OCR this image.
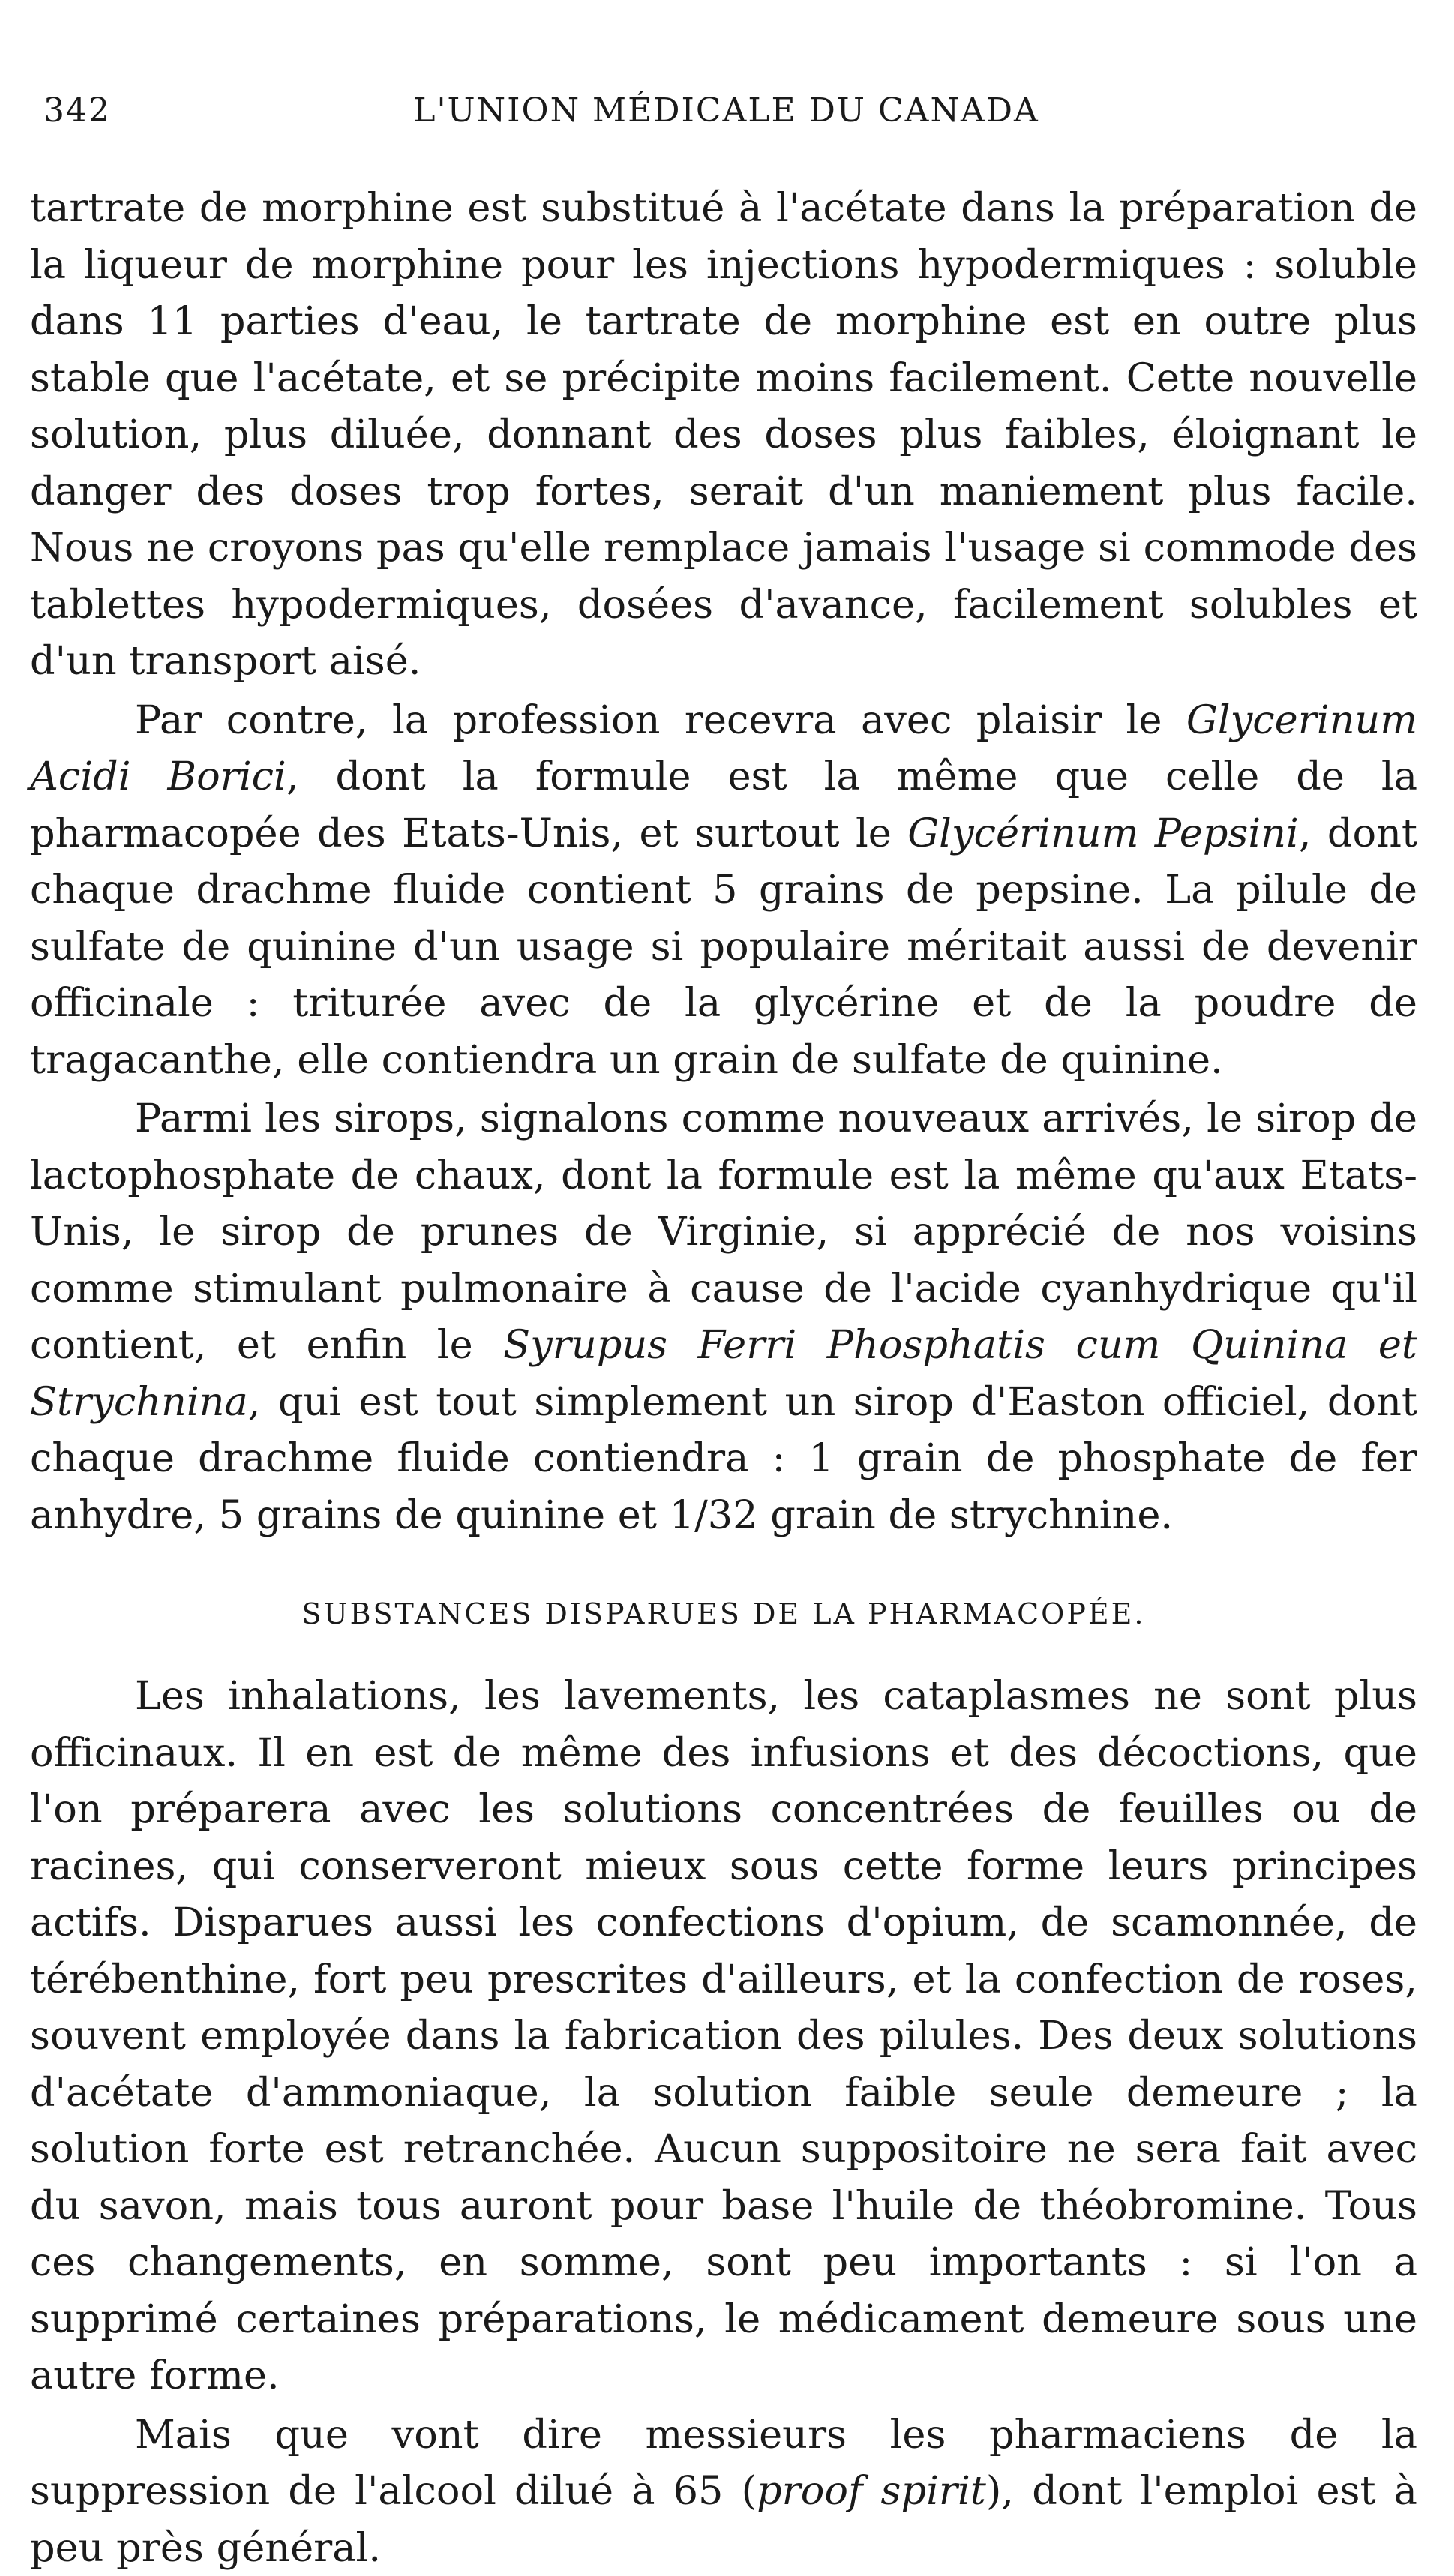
342	L'UNION MÉDICALE DU CANADA

tartrate de morphine est substitué à l'acétate dans la préparation de la liqueur de morphine pour les injections hypodermiques : soluble dans 11 parties d'eau, le tartrate de morphine est en outre plus stable que l'acétate, et se précipite moins facilement. Cette nouvelle solution, plus diluée, donnant des doses plus faibles, éloignant le danger des doses trop fortes, serait d'un maniement plus facile. Nous ne croyons pas qu'elle remplace jamais l'usage si commode des tablettes hypodermiques, dosées d'avance, facilement solubles et d'un transport aisé.

Par contre, la profession recevra avec plaisir le Glycerinum Acidi Borici, dont la formule est la même que celle de la pharmacopée des Etats-Unis, et surtout le Glycérinum Pepsini, dont chaque drachme fluide contient 5 grains de pepsine. La pilule de sulfate de quinine d'un usage si populaire méritait aussi de devenir officinale : triturée avec de la glycérine et de la poudre de tragacanthe, elle contiendra un grain de sulfate de quinine.

Parmi les sirops, signalons comme nouveaux arrivés, le sirop de lactophosphate de chaux, dont la formule est la même qu'aux Etats-Unis, le sirop de prunes de Virginie, si apprécié de nos voisins comme stimulant pulmonaire à cause de l'acide cyanhydrique qu'il contient, et enfin le Syrupus Ferri Phosphatis cum Quinina et Strychnina, qui est tout simplement un sirop d'Easton officiel, dont chaque drachme fluide contiendra : 1 grain de phosphate de fer anhydre, 5 grains de quinine et 1/32 grain de strychnine.

SUBSTANCES DISPARUES DE LA PHARMACOPÉE.

Les inhalations, les lavements, les cataplasmes ne sont plus officinaux. Il en est de même des infusions et des décoctions, que l'on préparera avec les solutions concentrées de feuilles ou de racines, qui conserveront mieux sous cette forme leurs principes actifs. Disparues aussi les confections d'opium, de scamonnée, de térébenthine, fort peu prescrites d'ailleurs, et la confection de roses, souvent employée dans la fabrication des pilules. Des deux solutions d'acétate d'ammoniaque, la solution faible seule demeure ; la solution forte est retranchée. Aucun suppositoire ne sera fait avec du savon, mais tous auront pour base l'huile de théobromine. Tous ces changements, en somme, sont peu importants : si l'on a supprimé certaines préparations, le médicament demeure sous une autre forme.

Mais que vont dire messieurs les pharmaciens de la suppression de l'alcool dilué à 65 (proof spirit), dont l'emploi est à peu près général.
